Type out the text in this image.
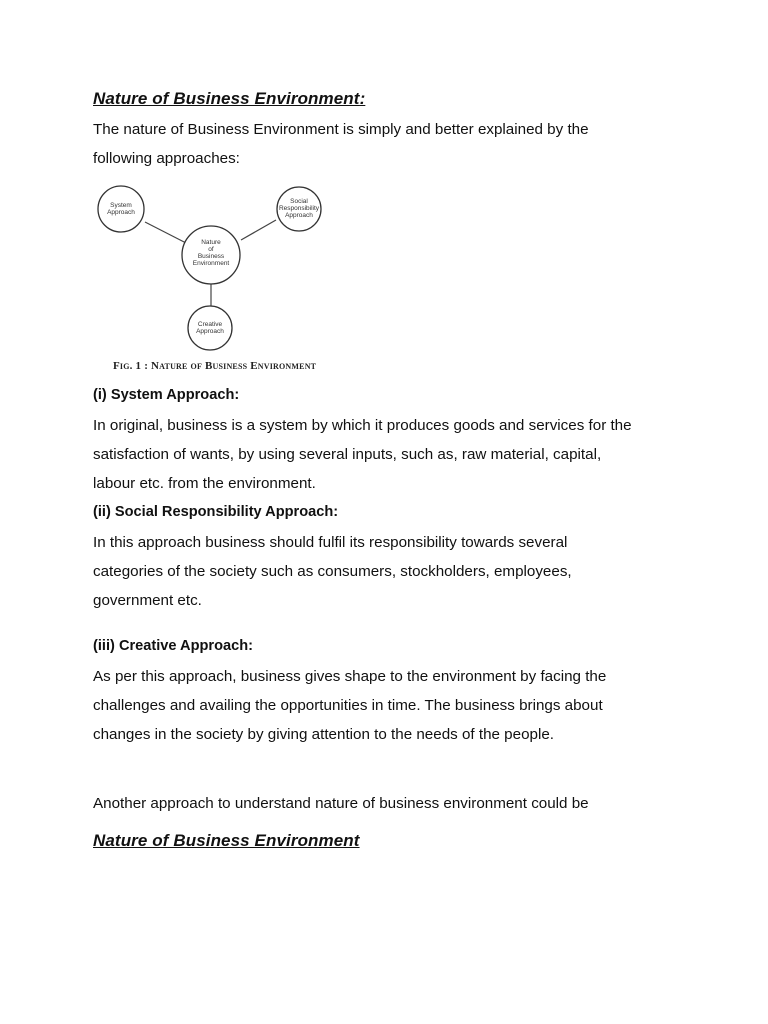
Nature of Business Environment:
The nature of Business Environment is simply and better explained by the
following approaches:
System
Approach
Social
Responsibility
Approach
Nature
of
Business
Environment
Creative
Approach
Fig. 1 : Nature of Business Environment
(i) System Approach:
In original, business is a system by which it produces goods and services for the
satisfaction of wants, by using several inputs, such as, raw material, capital,
labour etc. from the environment.
(ii) Social Responsibility Approach:
In this approach business should fulfil its responsibility towards several
categories of the society such as consumers, stockholders, employees,
government etc.
(iii) Creative Approach:
As per this approach, business gives shape to the environment by facing the
challenges and availing the opportunities in time. The business brings about
changes in the society by giving attention to the needs of the people.
Another approach to understand nature of business environment could be
Nature of Business Environment
